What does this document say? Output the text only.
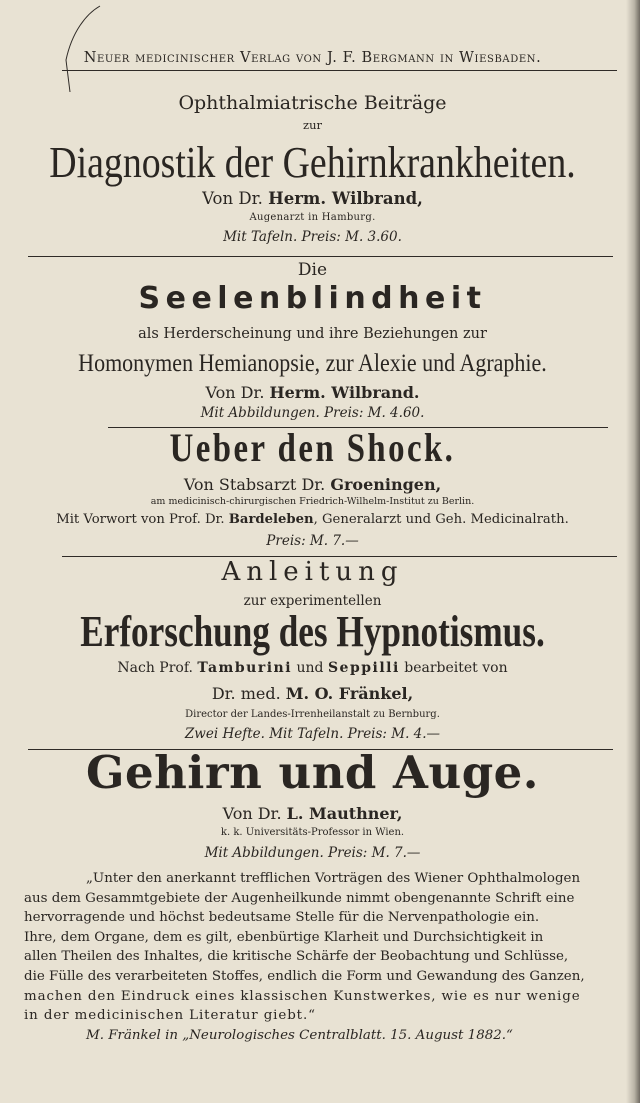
Neuer medicinischer Verlag von J. F. Bergmann in Wiesbaden.
Ophthalmiatrische Beiträge
zur
Diagnostik der Gehirnkrankheiten.
Von Dr. Herm. Wilbrand,
Augenarzt in Hamburg.
Mit Tafeln. Preis: M. 3.60.
Die
Seelenblindheit
als Herderscheinung und ihre Beziehungen zur
Homonymen Hemianopsie, zur Alexie und Agraphie.
Von Dr. Herm. Wilbrand.
Mit Abbildungen. Preis: M. 4.60.
Ueber den Shock.
Von Stabsarzt Dr. Groeningen,
am medicinisch-chirurgischen Friedrich-Wilhelm-Institut zu Berlin.
Mit Vorwort von Prof. Dr. Bardeleben, Generalarzt und Geh. Medicinalrath.
Preis: M. 7.—
Anleitung
zur experimentellen
Erforschung des Hypnotismus.
Nach Prof. Tamburini und Seppilli bearbeitet von
Dr. med. M. O. Fränkel,
Director der Landes-Irrenheilanstalt zu Bernburg.
Zwei Hefte. Mit Tafeln. Preis: M. 4.—
Gehirn und Auge.
Von Dr. L. Mauthner,
k. k. Universitäts-Professor in Wien.
Mit Abbildungen. Preis: M. 7.—
„Unter den anerkannt trefflichen Vorträgen des Wiener Ophthalmologen
aus dem Gesammtgebiete der Augenheilkunde nimmt obengenannte Schrift eine
hervorragende und höchst bedeutsame Stelle für die Nervenpathologie ein.
Ihre, dem Organe, dem es gilt, ebenbürtige Klarheit und Durchsichtigkeit in
allen Theilen des Inhaltes, die kritische Schärfe der Beobachtung und Schlüsse,
die Fülle des verarbeiteten Stoffes, endlich die Form und Gewandung des Ganzen,
machen den Eindruck eines klassischen Kunstwerkes, wie es nur wenige
in der medicinischen Literatur giebt.“
M. Fränkel in „Neurologisches Centralblatt. 15. August 1882.“
